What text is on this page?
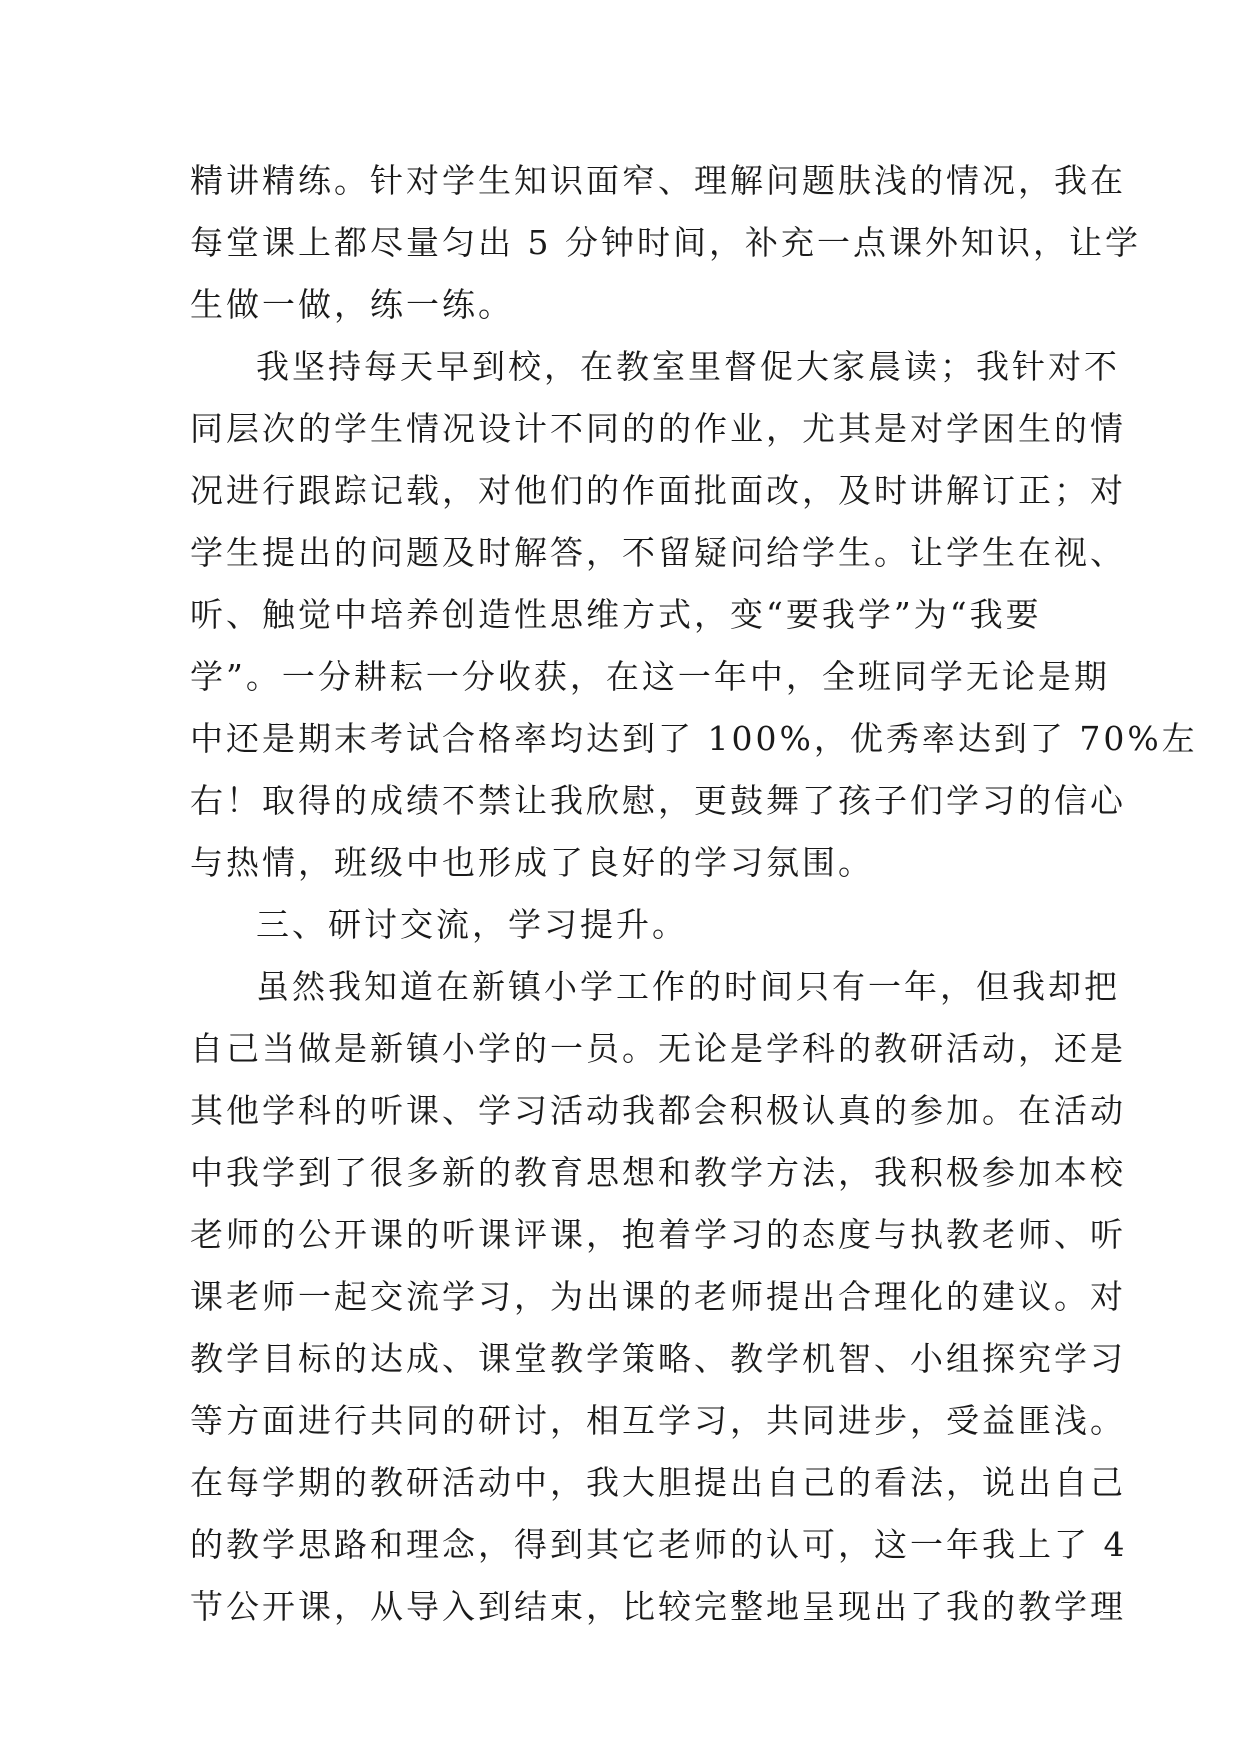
精讲精练。针对学生知识面窄、理解问题肤浅的情况，我在
每堂课上都尽量匀出 5 分钟时间，补充一点课外知识，让学
生做一做，练一练。
我坚持每天早到校，在教室里督促大家晨读；我针对不
同层次的学生情况设计不同的的作业，尤其是对学困生的情
况进行跟踪记载，对他们的作面批面改，及时讲解订正；对
学生提出的问题及时解答，不留疑问给学生。让学生在视、
听、触觉中培养创造性思维方式，变“要我学”为“我要
学”。一分耕耘一分收获，在这一年中，全班同学无论是期
中还是期末考试合格率均达到了 100%，优秀率达到了 70%左
右！取得的成绩不禁让我欣慰，更鼓舞了孩子们学习的信心
与热情，班级中也形成了良好的学习氛围。
三、研讨交流，学习提升。
虽然我知道在新镇小学工作的时间只有一年，但我却把
自己当做是新镇小学的一员。无论是学科的教研活动，还是
其他学科的听课、学习活动我都会积极认真的参加。在活动
中我学到了很多新的教育思想和教学方法，我积极参加本校
老师的公开课的听课评课，抱着学习的态度与执教老师、听
课老师一起交流学习，为出课的老师提出合理化的建议。对
教学目标的达成、课堂教学策略、教学机智、小组探究学习
等方面进行共同的研讨，相互学习，共同进步，受益匪浅。
在每学期的教研活动中，我大胆提出自己的看法，说出自己
的教学思路和理念，得到其它老师的认可，这一年我上了 4
节公开课，从导入到结束，比较完整地呈现出了我的教学理
